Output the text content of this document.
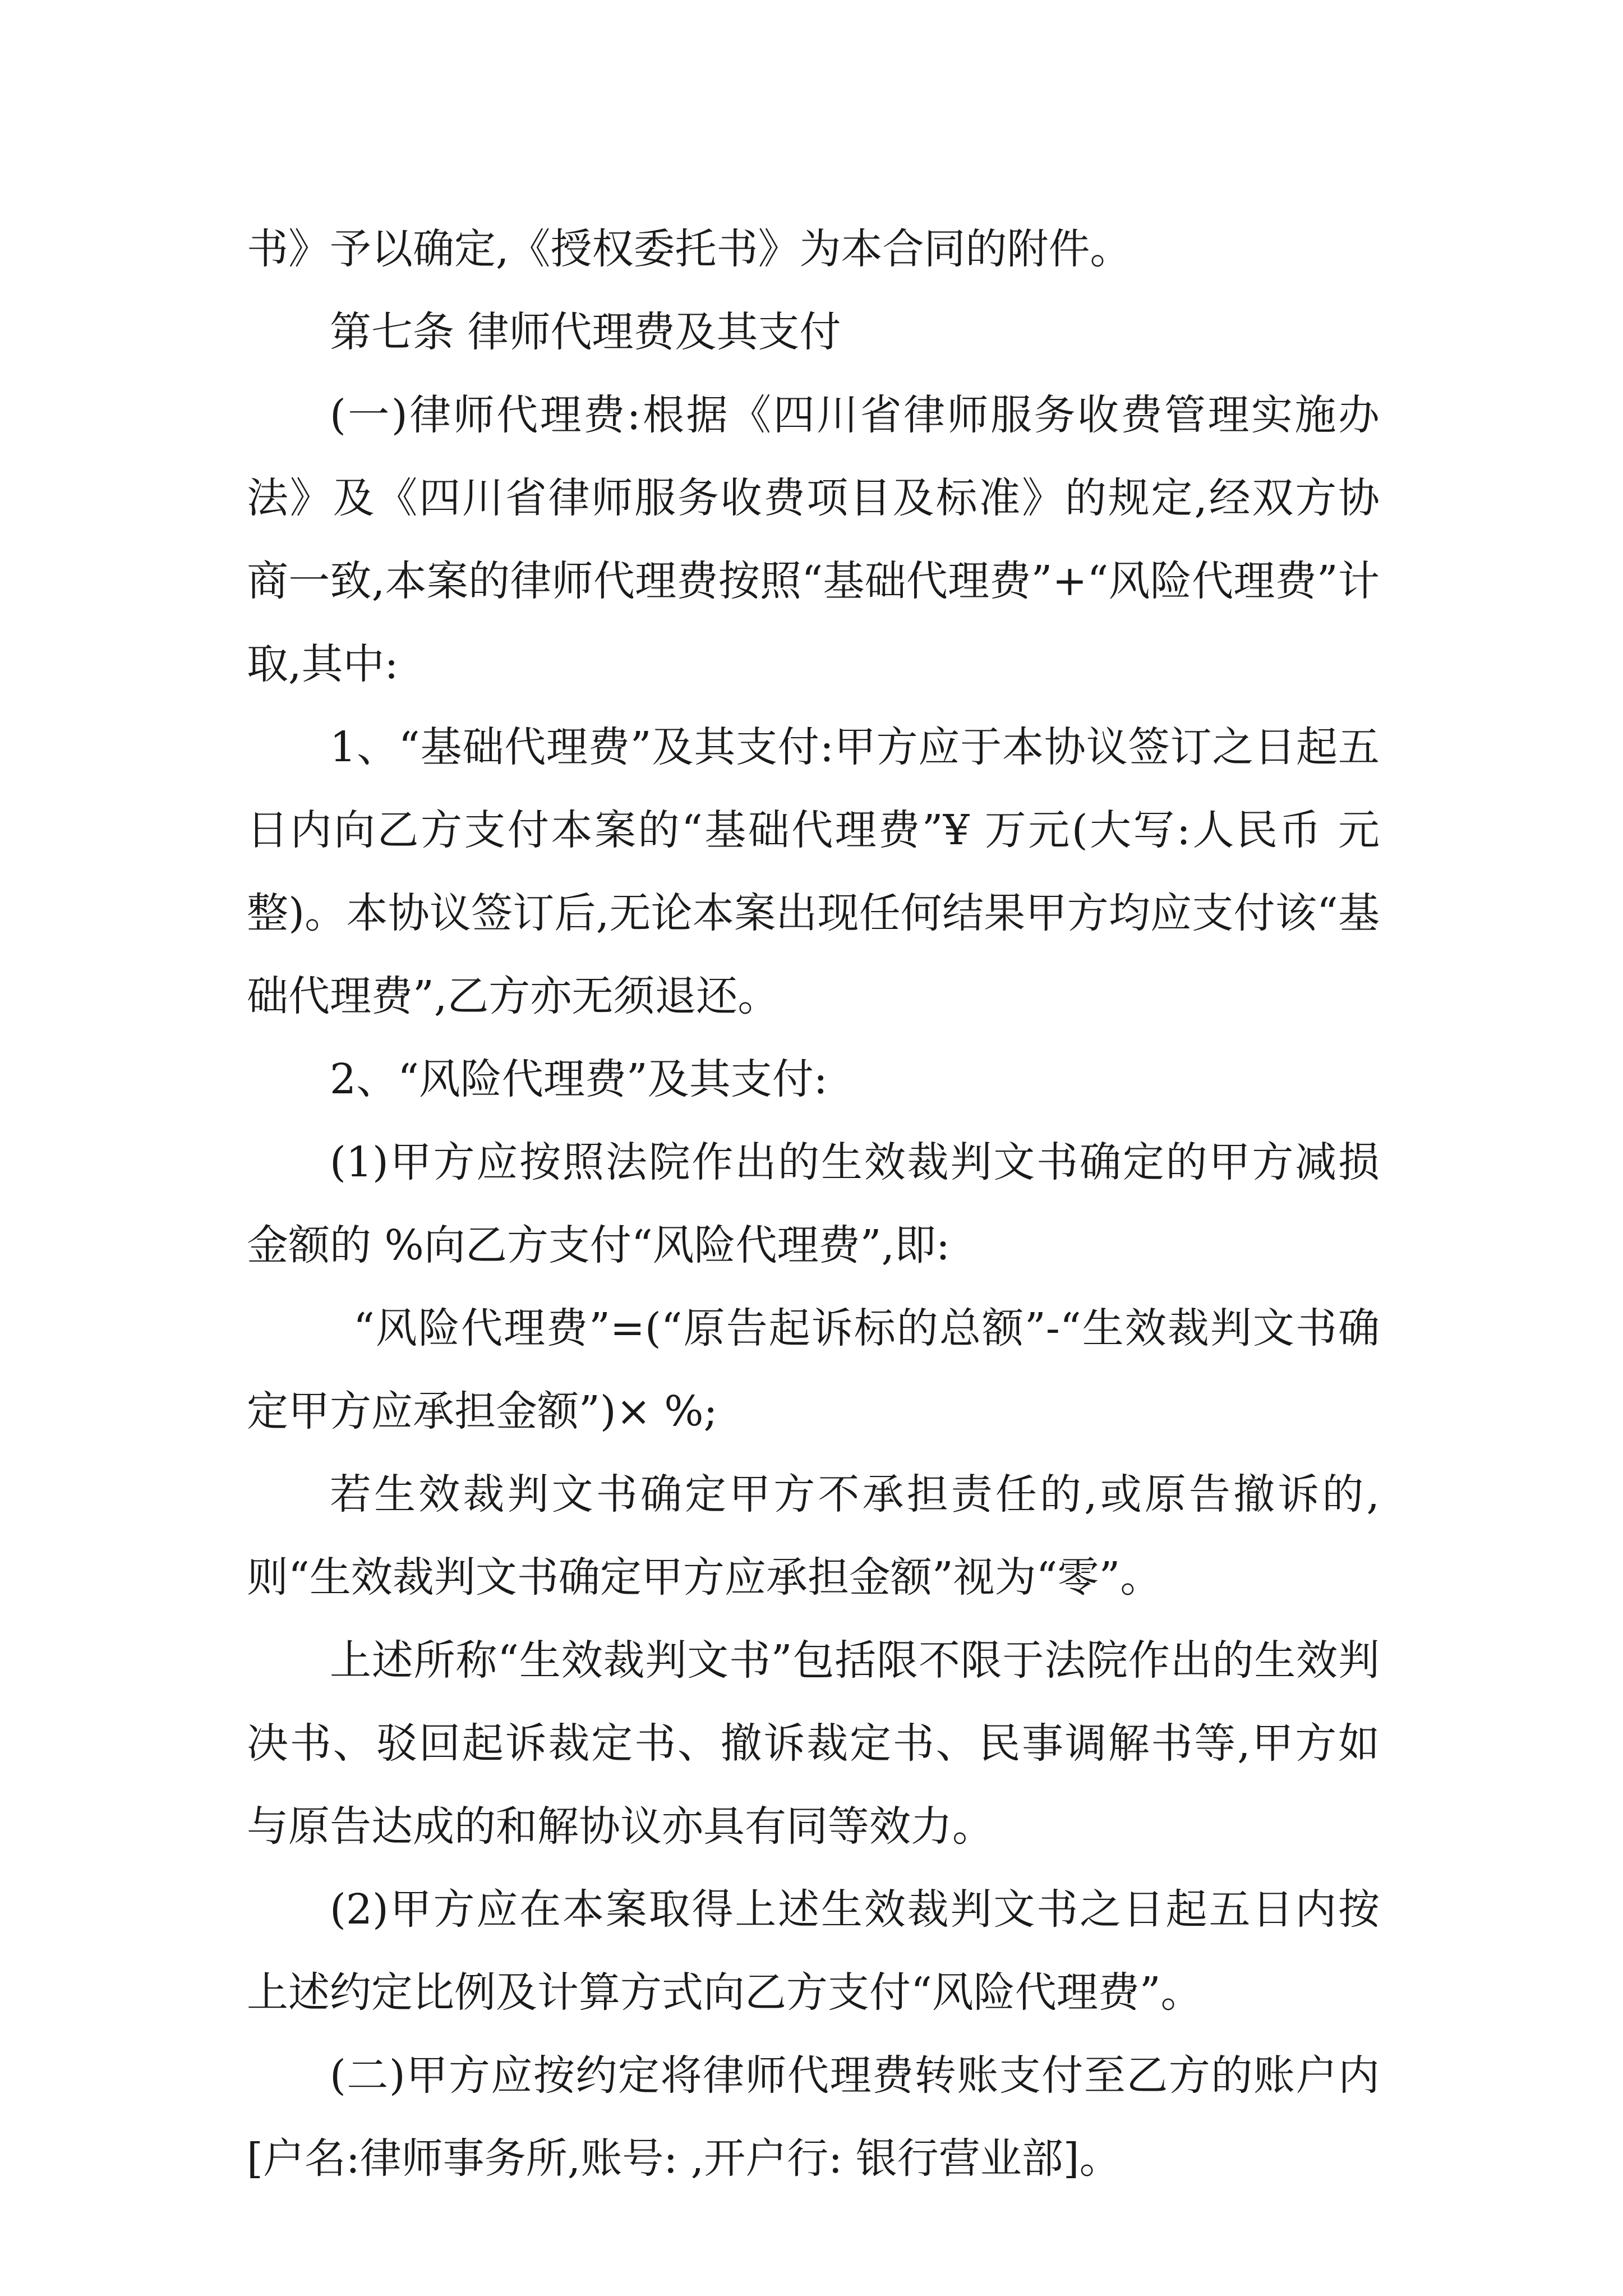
书》予以确定,《授权委托书》为本合同的附件。

第七条 律师代理费及其支付

(一)律师代理费:根据《四川省律师服务收费管理实施办法》及《四川省律师服务收费项目及标准》的规定,经双方协商一致,本案的律师代理费按照“基础代理费”+“风险代理费”计取,其中:

1、“基础代理费”及其支付:甲方应于本协议签订之日起五日内向乙方支付本案的“基础代理费”¥ 万元(大写:人民币 元整)。本协议签订后,无论本案出现任何结果甲方均应支付该“基础代理费”,乙方亦无须退还。

2、“风险代理费”及其支付:

(1)甲方应按照法院作出的生效裁判文书确定的甲方减损金额的 %向乙方支付“风险代理费”,即:

“风险代理费”=(“原告起诉标的总额”-“生效裁判文书确定甲方应承担金额”)× %;

若生效裁判文书确定甲方不承担责任的,或原告撤诉的,则“生效裁判文书确定甲方应承担金额”视为“零”。

上述所称“生效裁判文书”包括限不限于法院作出的生效判决书、驳回起诉裁定书、撤诉裁定书、民事调解书等,甲方如与原告达成的和解协议亦具有同等效力。

(2)甲方应在本案取得上述生效裁判文书之日起五日内按上述约定比例及计算方式向乙方支付“风险代理费”。

(二)甲方应按约定将律师代理费转账支付至乙方的账户内[户名:律师事务所,账号: ,开户行: 银行营业部]。
